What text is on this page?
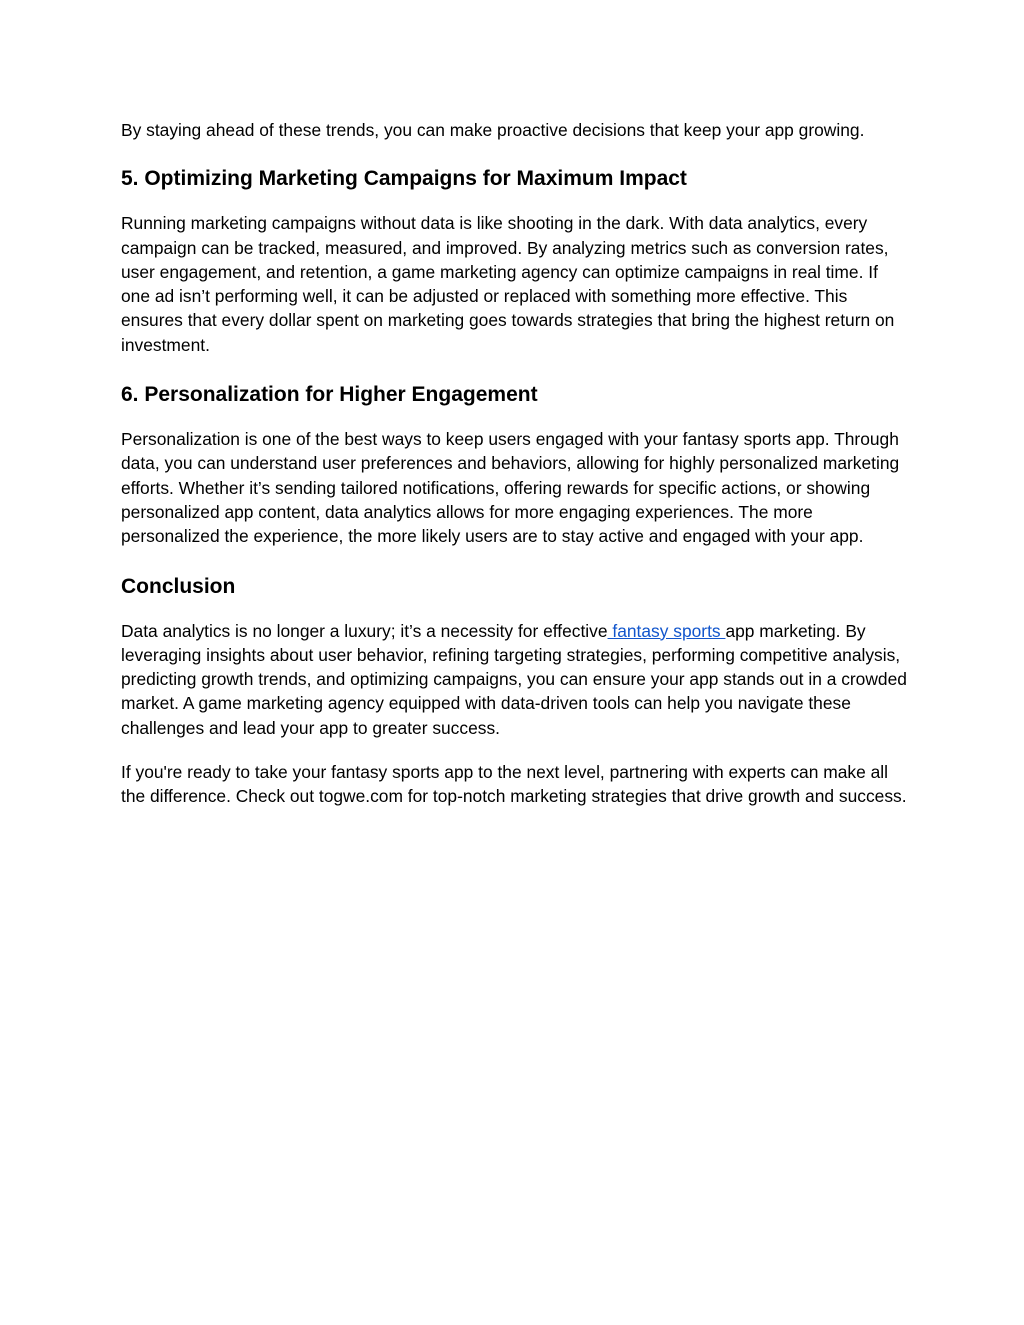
By staying ahead of these trends, you can make proactive decisions that keep your app growing.

5. Optimizing Marketing Campaigns for Maximum Impact

Running marketing campaigns without data is like shooting in the dark. With data analytics, every campaign can be tracked, measured, and improved. By analyzing metrics such as conversion rates, user engagement, and retention, a game marketing agency can optimize campaigns in real time. If one ad isn’t performing well, it can be adjusted or replaced with something more effective. This ensures that every dollar spent on marketing goes towards strategies that bring the highest return on investment.

6. Personalization for Higher Engagement

Personalization is one of the best ways to keep users engaged with your fantasy sports app. Through data, you can understand user preferences and behaviors, allowing for highly personalized marketing efforts. Whether it’s sending tailored notifications, offering rewards for specific actions, or showing personalized app content, data analytics allows for more engaging experiences. The more personalized the experience, the more likely users are to stay active and engaged with your app.

Conclusion

Data analytics is no longer a luxury; it’s a necessity for effective fantasy sports app marketing. By leveraging insights about user behavior, refining targeting strategies, performing competitive analysis, predicting growth trends, and optimizing campaigns, you can ensure your app stands out in a crowded market. A game marketing agency equipped with data-driven tools can help you navigate these challenges and lead your app to greater success.

If you're ready to take your fantasy sports app to the next level, partnering with experts can make all the difference. Check out togwe.com for top-notch marketing strategies that drive growth and success.
